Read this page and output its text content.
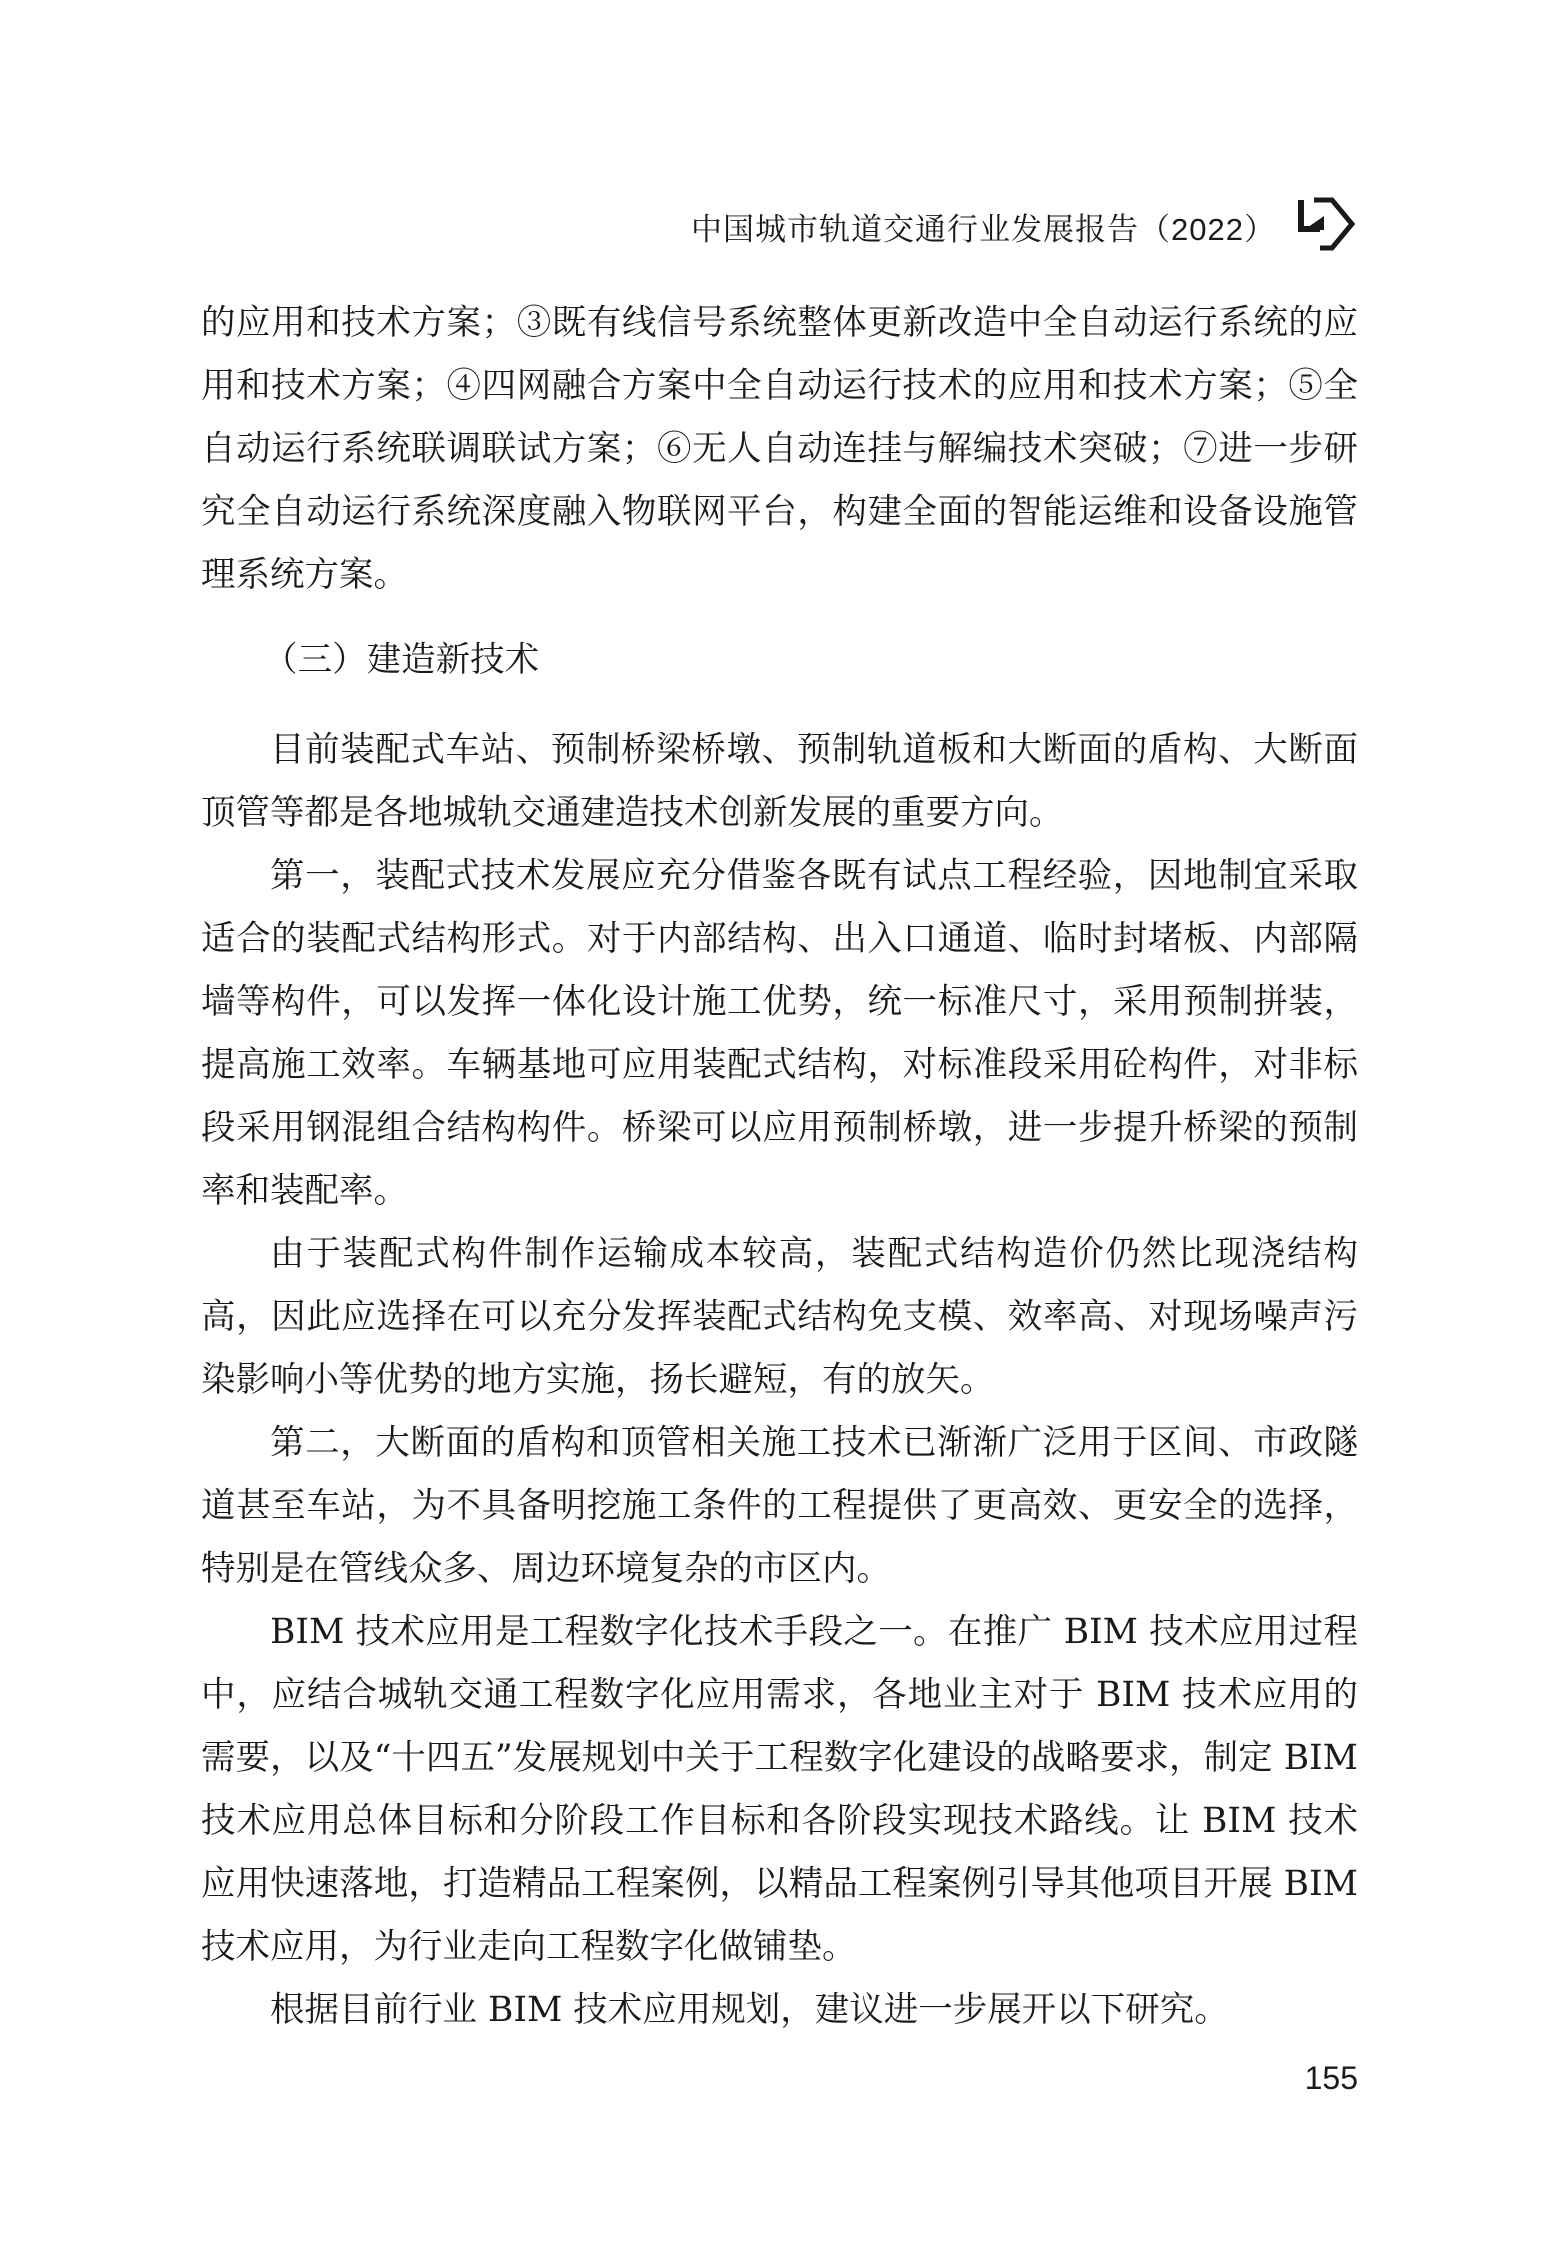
中国城市轨道交通行业发展报告（2022）

的应用和技术方案；③既有线信号系统整体更新改造中全自动运行系统的应用和技术方案；④四网融合方案中全自动运行技术的应用和技术方案；⑤全自动运行系统联调联试方案；⑥无人自动连挂与解编技术突破；⑦进一步研究全自动运行系统深度融入物联网平台，构建全面的智能运维和设备设施管理系统方案。

（三）建造新技术

目前装配式车站、预制桥梁桥墩、预制轨道板和大断面的盾构、大断面顶管等都是各地城轨交通建造技术创新发展的重要方向。

第一，装配式技术发展应充分借鉴各既有试点工程经验，因地制宜采取适合的装配式结构形式。对于内部结构、出入口通道、临时封堵板、内部隔墙等构件，可以发挥一体化设计施工优势，统一标准尺寸，采用预制拼装，提高施工效率。车辆基地可应用装配式结构，对标准段采用砼构件，对非标段采用钢混组合结构构件。桥梁可以应用预制桥墩，进一步提升桥梁的预制率和装配率。

由于装配式构件制作运输成本较高，装配式结构造价仍然比现浇结构高，因此应选择在可以充分发挥装配式结构免支模、效率高、对现场噪声污染影响小等优势的地方实施，扬长避短，有的放矢。

第二，大断面的盾构和顶管相关施工技术已渐渐广泛用于区间、市政隧道甚至车站，为不具备明挖施工条件的工程提供了更高效、更安全的选择，特别是在管线众多、周边环境复杂的市区内。

BIM 技术应用是工程数字化技术手段之一。在推广 BIM 技术应用过程中，应结合城轨交通工程数字化应用需求，各地业主对于 BIM 技术应用的需要，以及“十四五”发展规划中关于工程数字化建设的战略要求，制定 BIM 技术应用总体目标和分阶段工作目标和各阶段实现技术路线。让 BIM 技术应用快速落地，打造精品工程案例，以精品工程案例引导其他项目开展 BIM 技术应用，为行业走向工程数字化做铺垫。

根据目前行业 BIM 技术应用规划，建议进一步展开以下研究。

155
